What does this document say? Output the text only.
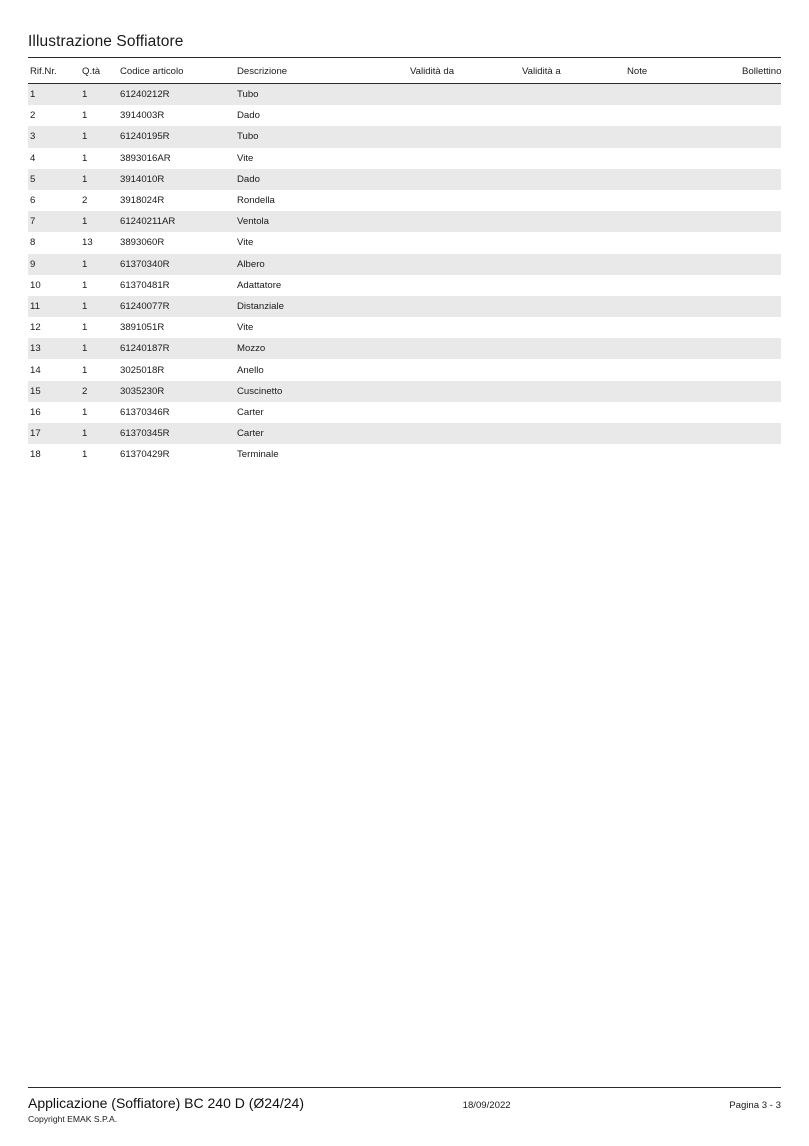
Illustrazione Soffiatore
Rif.Nr.	Q.tà	Codice articolo	Descrizione	Validità da	Validità a	Note	Bollettino
1	1	61240212R	Tubo				
2	1	3914003R	Dado				
3	1	61240195R	Tubo				
4	1	3893016AR	Vite				
5	1	3914010R	Dado				
6	2	3918024R	Rondella				
7	1	61240211AR	Ventola				
8	13	3893060R	Vite				
9	1	61370340R	Albero				
10	1	61370481R	Adattatore				
11	1	61240077R	Distanziale				
12	1	3891051R	Vite				
13	1	61240187R	Mozzo				
14	1	3025018R	Anello				
15	2	3035230R	Cuscinetto				
16	1	61370346R	Carter				
17	1	61370345R	Carter				
18	1	61370429R	Terminale				
Applicazione (Soffiatore) BC 240 D (Ø24/24)	18/09/2022	Pagina 3 - 3
Copyright EMAK S.P.A.
